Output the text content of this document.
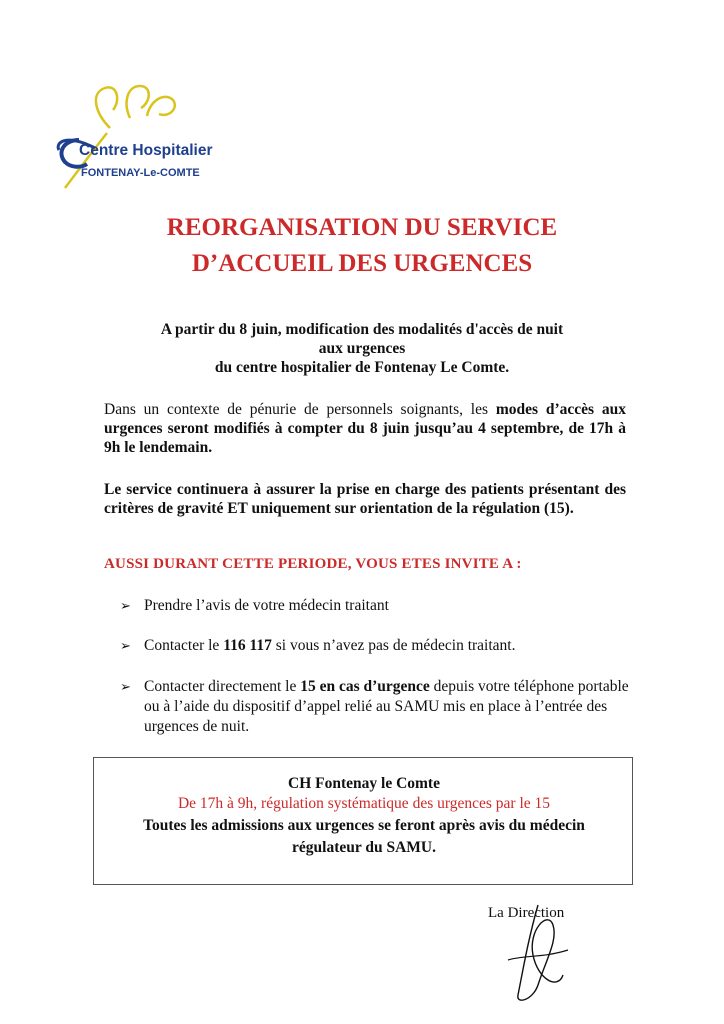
Centre Hospitalier
FONTENAY-Le-COMTE
REORGANISATION DU SERVICE
D’ACCUEIL DES URGENCES
A partir du 8 juin, modification des modalités d'accès de nuit
aux urgences
du centre hospitalier de Fontenay Le Comte.
Dans un contexte de pénurie de personnels soignants, les modes d’accès aux urgences seront modifiés à compter du 8 juin jusqu’au 4 septembre, de 17h à 9h le lendemain.
Le service continuera à assurer la prise en charge des patients présentant des critères de gravité ET uniquement sur orientation de la régulation (15).
AUSSI DURANT CETTE PERIODE, VOUS ETES INVITE A :
➢ Prendre l’avis de votre médecin traitant
➢ Contacter le 116 117 si vous n’avez pas de médecin traitant.
➢ Contacter directement le 15 en cas d’urgence depuis votre téléphone portable ou à l’aide du dispositif d’appel relié au SAMU mis en place à l’entrée des urgences de nuit.
CH Fontenay le Comte
De 17h à 9h, régulation systématique des urgences par le 15
Toutes les admissions aux urgences se feront après avis du médecin
régulateur du SAMU.
La Direction
